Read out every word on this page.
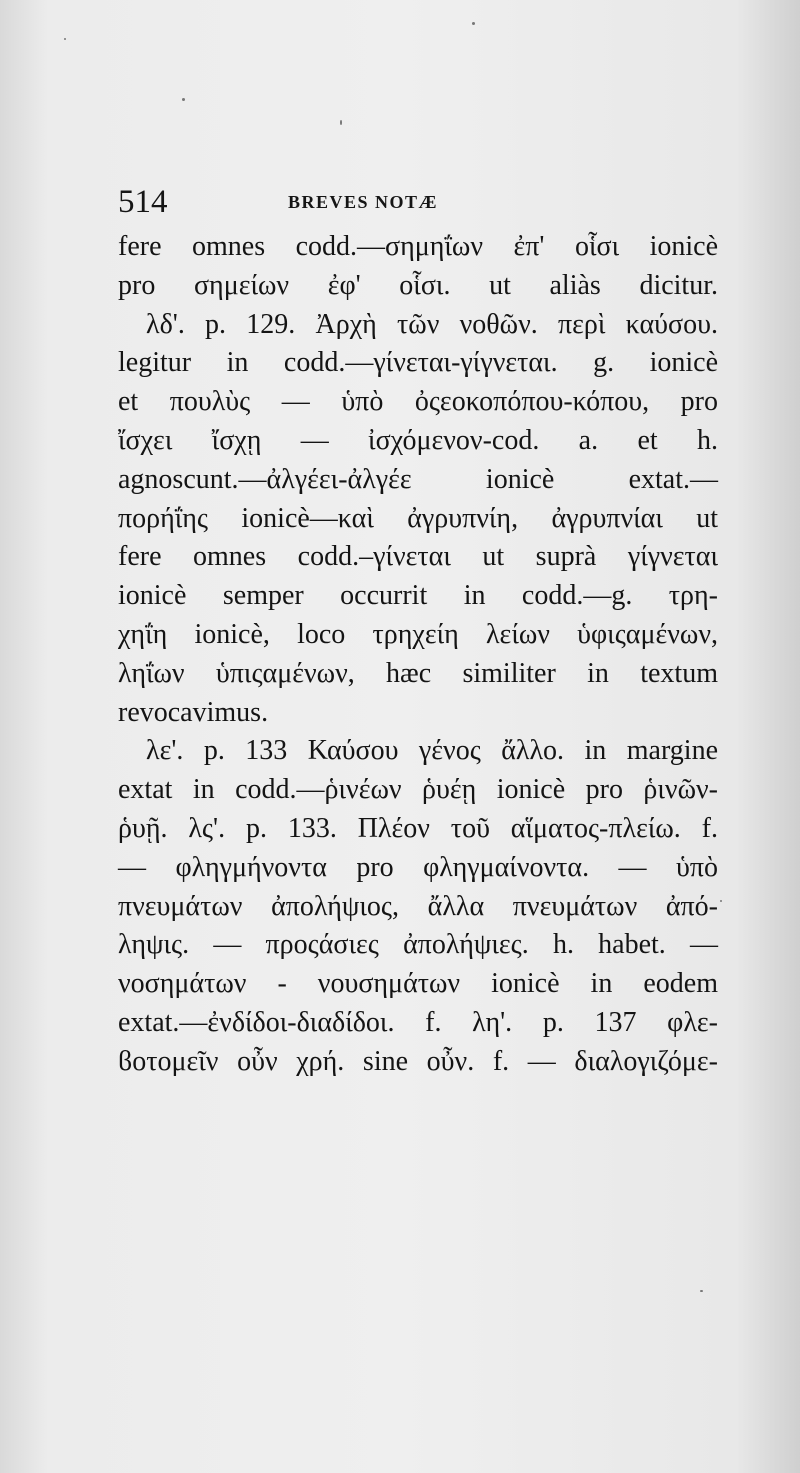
514	BREVES NOTÆ
fere omnes codd.—σημηΐων ἐπ' οἷσι ionicè
pro σημείων ἐφ' οἷσι. ut aliàs dicitur.
λδ'. p. 129. Ἀρχὴ τῶν νοθῶν. περὶ καύσου.
legitur in codd.—γίνεται-γίγνεται. g. ionicè
et πουλὺς — ὑπὸ ὀςεοκοπόπου-κόπου, pro
ἴσχει ἴσχῃ — ἰσχόμενον-cod. a. et h.
agnoscunt.—ἀλγέει-ἀλγέε ionicè extat.—
πορήΐης ionicè—καὶ ἀγρυπνίη, ἀγρυπνίαι ut
fere omnes codd.–γίνεται ut suprà γίγνεται
ionicè semper occurrit in codd.—g. τρη-
χηΐη ionicè, loco τρηχείη λείων ὑφιςαμένων,
ληΐων ὑπιςαμένων, hæc similiter in textum
revocavimus.
λε'. p. 133 Καύσου γένος ἄλλο. in margine
extat in codd.—ῥινέων ῥυέῃ ionicè pro ῥινῶν-
ῥυῇ. λς'. p. 133. Πλέον τοῦ αἵματος-πλείω. f.
— φληγμήνοντα pro φληγμαίνοντα. — ὑπὸ
πνευμάτων ἀπολήψιος, ἄλλα πνευμάτων ἀπό-
ληψις. — προςάσιες ἀπολήψιες. h. habet. —
νοσημάτων - νουσημάτων ionicè in eodem
extat.—ἐνδίδοι-διαδίδοι. f. λη'. p. 137 φλε-
ϐοτομεῖν οὖν χρή. sine οὖν. f. — διαλογιζόμε-
